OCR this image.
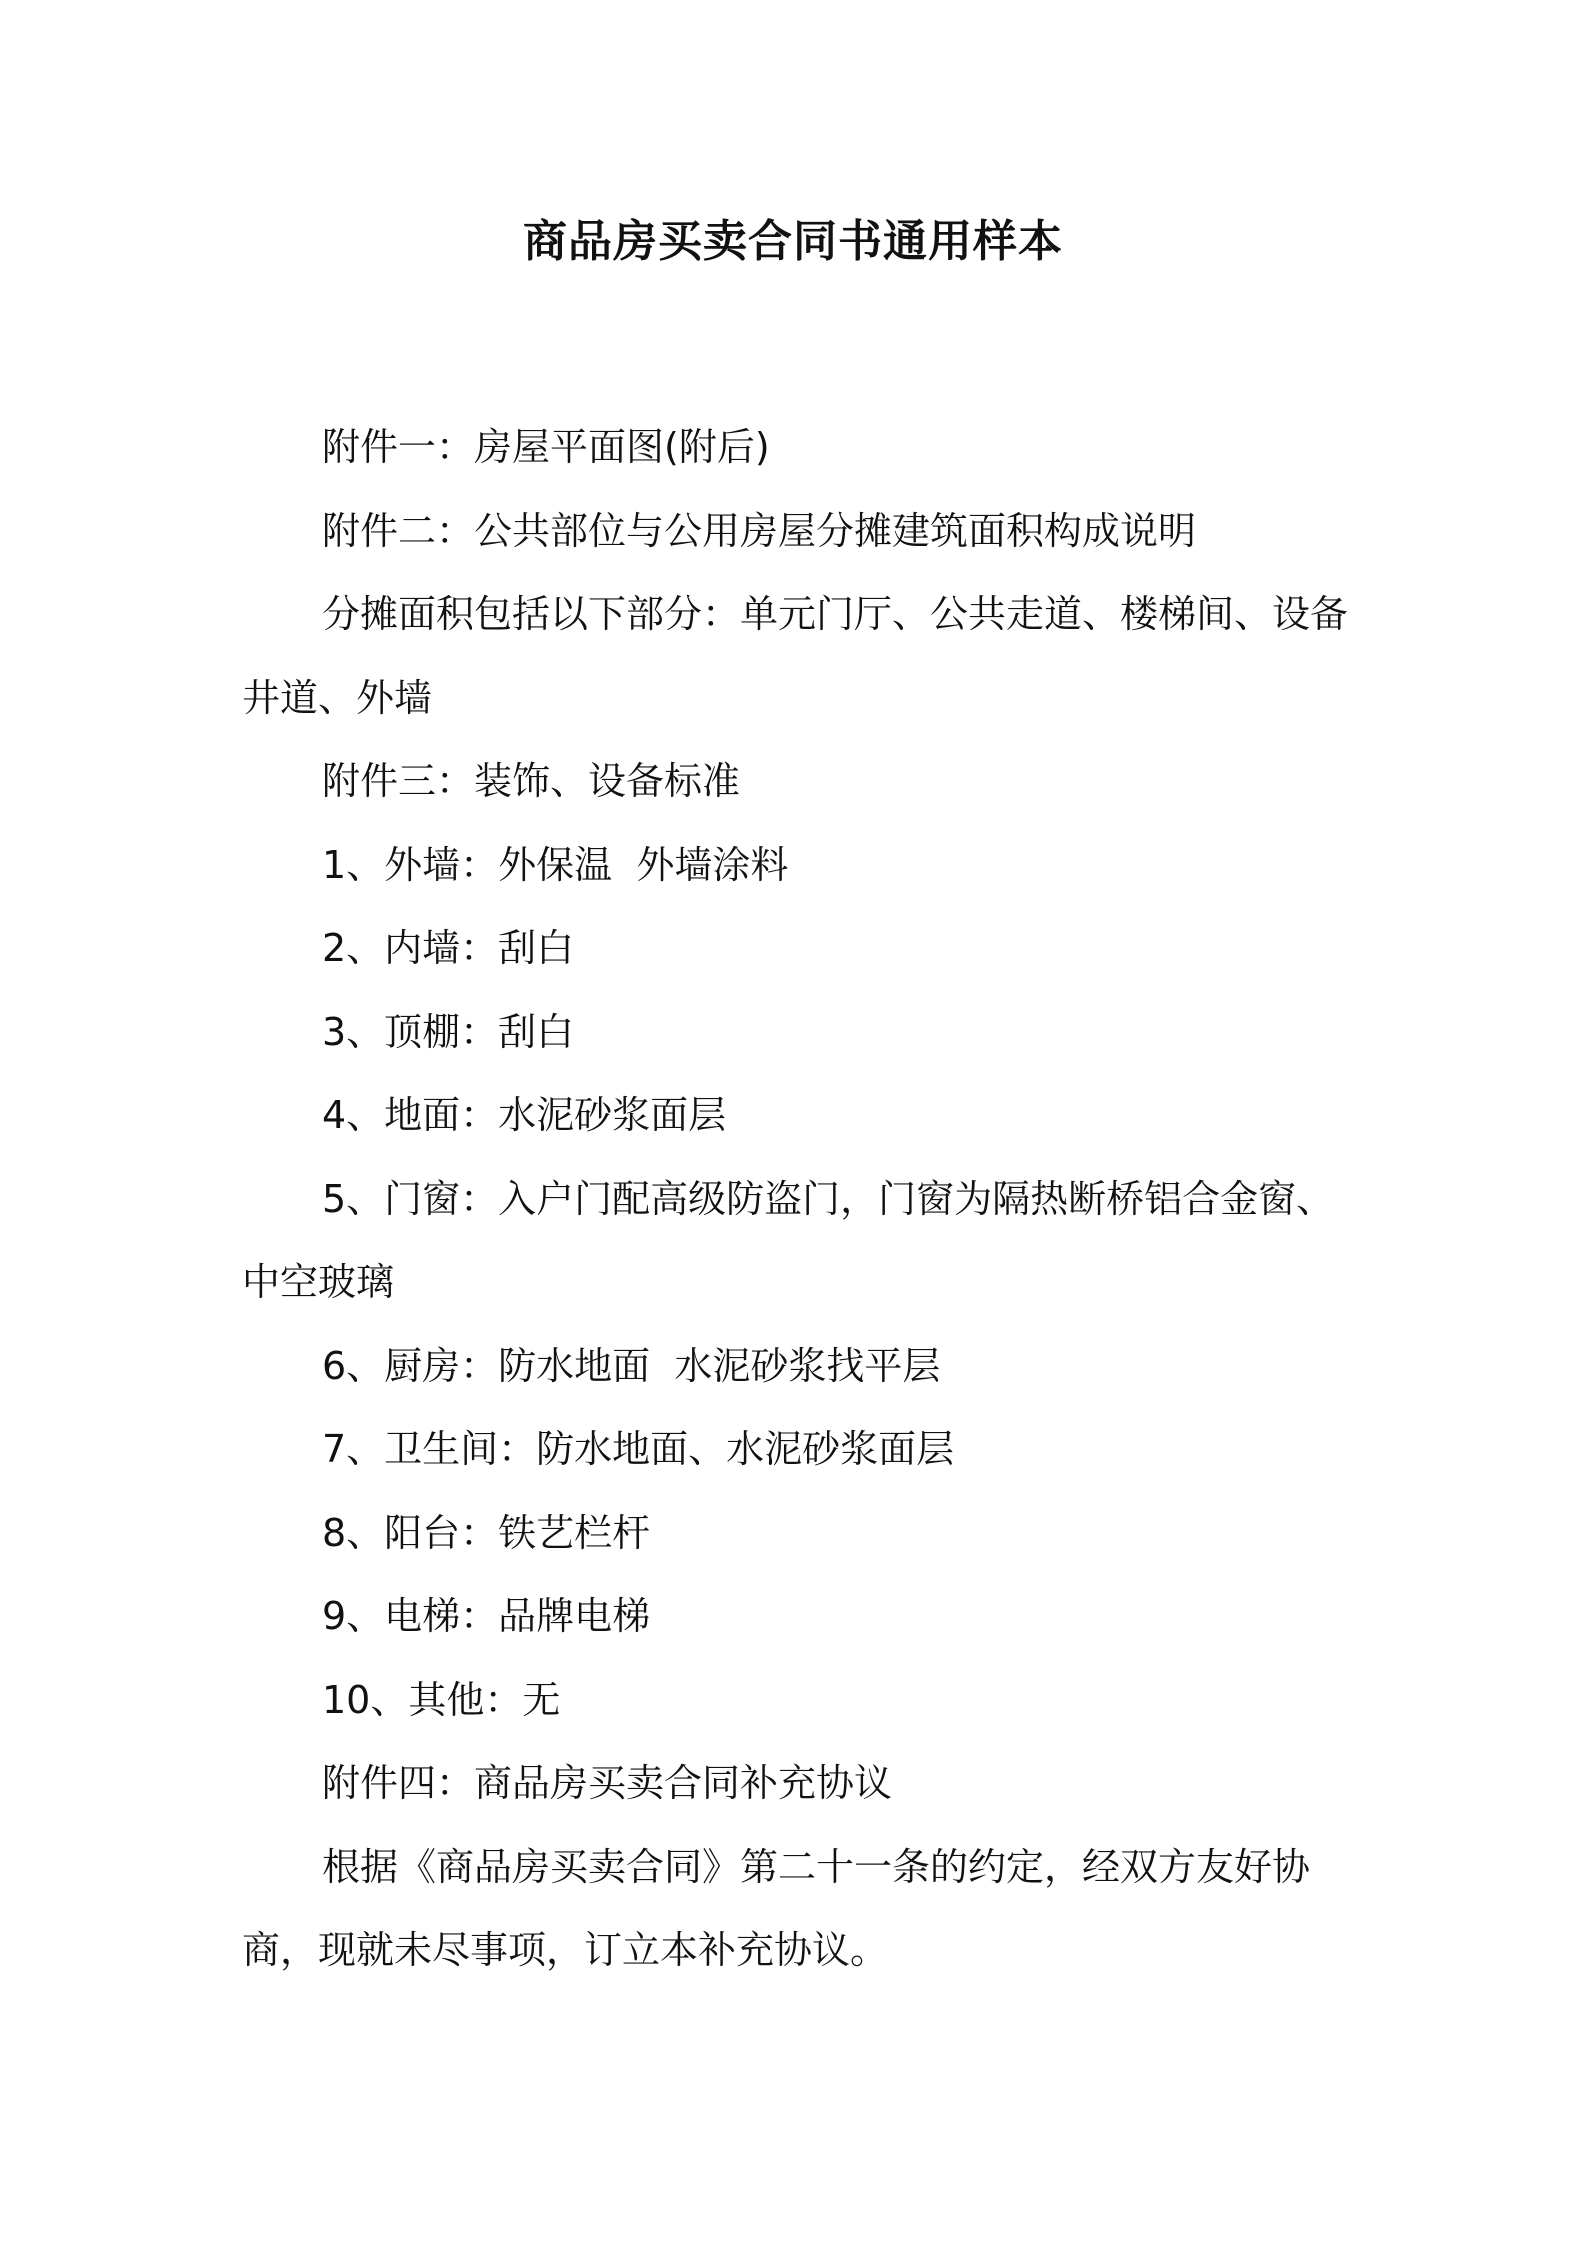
商品房买卖合同书通用样本

附件一：房屋平面图(附后)

附件二：公共部位与公用房屋分摊建筑面积构成说明

分摊面积包括以下部分：单元门厅、公共走道、楼梯间、设备井道、外墙

附件三：装饰、设备标准

1、外墙：外保温  外墙涂料

2、内墙：刮白

3、顶棚：刮白

4、地面：水泥砂浆面层

5、门窗：入户门配高级防盗门，门窗为隔热断桥铝合金窗、中空玻璃

6、厨房：防水地面  水泥砂浆找平层

7、卫生间：防水地面、水泥砂浆面层

8、阳台：铁艺栏杆

9、电梯：品牌电梯

10、其他：无

附件四：商品房买卖合同补充协议

根据《商品房买卖合同》第二十一条的约定，经双方友好协商，现就未尽事项，订立本补充协议。
